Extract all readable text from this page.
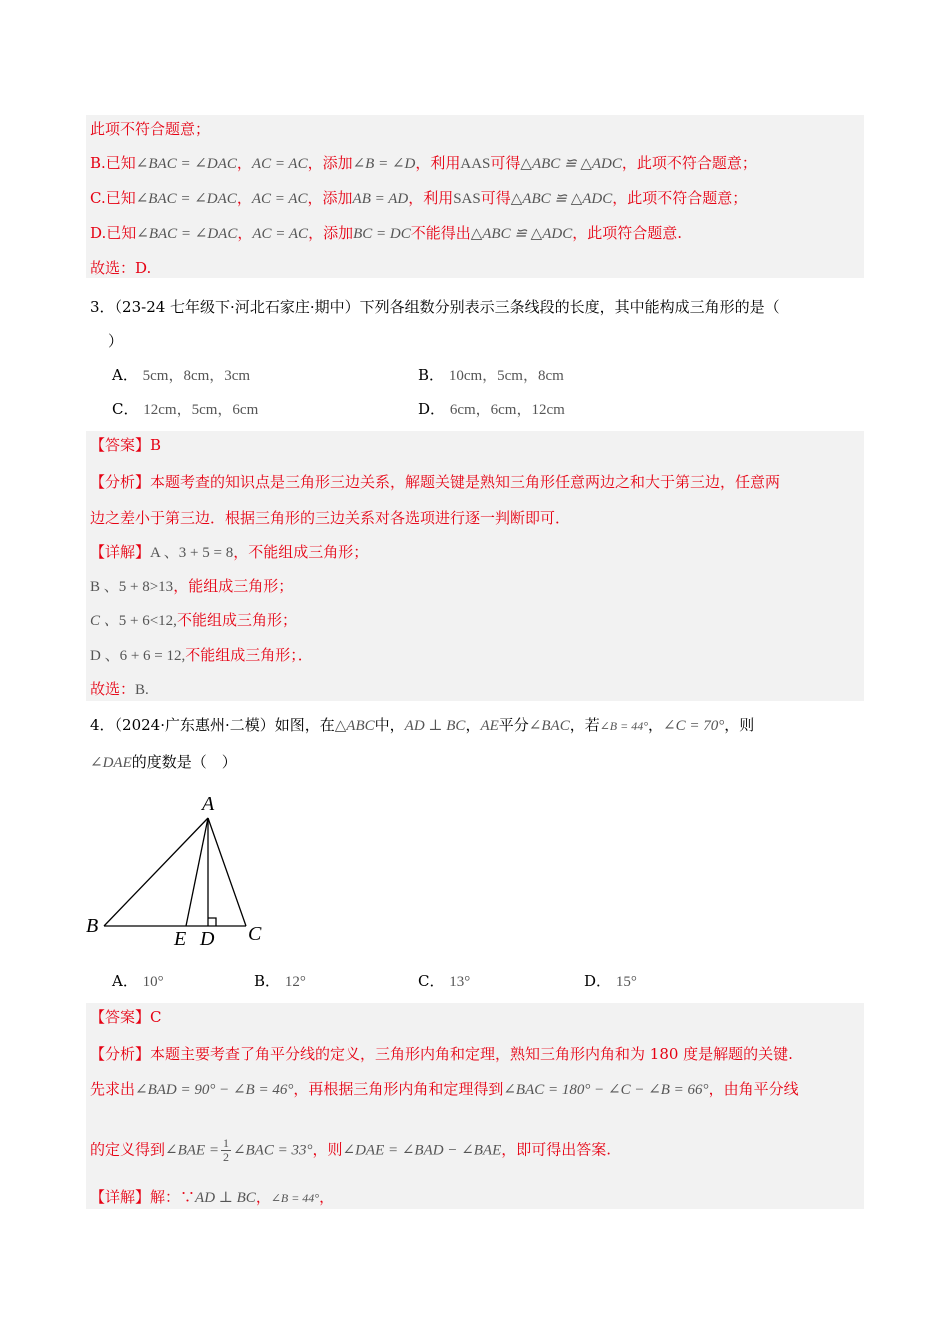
此项不符合题意；
B.已知∠BAC = ∠DAC，AC = AC，添加∠B = ∠D，利用AAS可得△ABC ≌ △ADC，此项不符合题意；
C.已知∠BAC = ∠DAC，AC = AC，添加AB = AD，利用SAS可得△ABC ≌ △ADC，此项不符合题意；
D.已知∠BAC = ∠DAC，AC = AC，添加BC = DC不能得出△ABC ≌ △ADC，此项符合题意.
故选：D.
3．（23-24 七年级下·河北石家庄·期中）下列各组数分别表示三条线段的长度，其中能构成三角形的是（
）
A． 5cm，8cm，3cm	B． 10cm，5cm，8cm
C． 12cm，5cm，6cm	D． 6cm，6cm，12cm
【答案】B
【分析】本题考查的知识点是三角形三边关系，解题关键是熟知三角形任意两边之和大于第三边，任意两
边之差小于第三边．根据三角形的三边关系对各选项进行逐一判断即可．
【详解】A 、3 + 5 = 8，不能组成三角形；
B 、5 + 8>13，能组成三角形；
C 、5 + 6<12,不能组成三角形；
D 、6 + 6 = 12,不能组成三角形；．
故选：B.
4．（2024·广东惠州·二模）如图，在△ABC中，AD ⊥ BC，AE平分∠BAC，若∠B = 44°，∠C = 70°，则
∠DAE的度数是（　）
A
B	C
E D
A． 10°	B． 12°	C． 13°	D． 15°
【答案】C
【分析】本题主要考查了角平分线的定义，三角形内角和定理，熟知三角形内角和为 180 度是解题的关键.
先求出∠BAD = 90° − ∠B = 46°，再根据三角形内角和定理得到∠BAC = 180° − ∠C − ∠B = 66°，由角平分线
的定义得到∠BAE = $\frac{1}{2}$ ∠BAC = 33°，则∠DAE = ∠BAD − ∠BAE，即可得出答案.
【详解】解：∵AD ⊥ BC，∠B = 44°，
